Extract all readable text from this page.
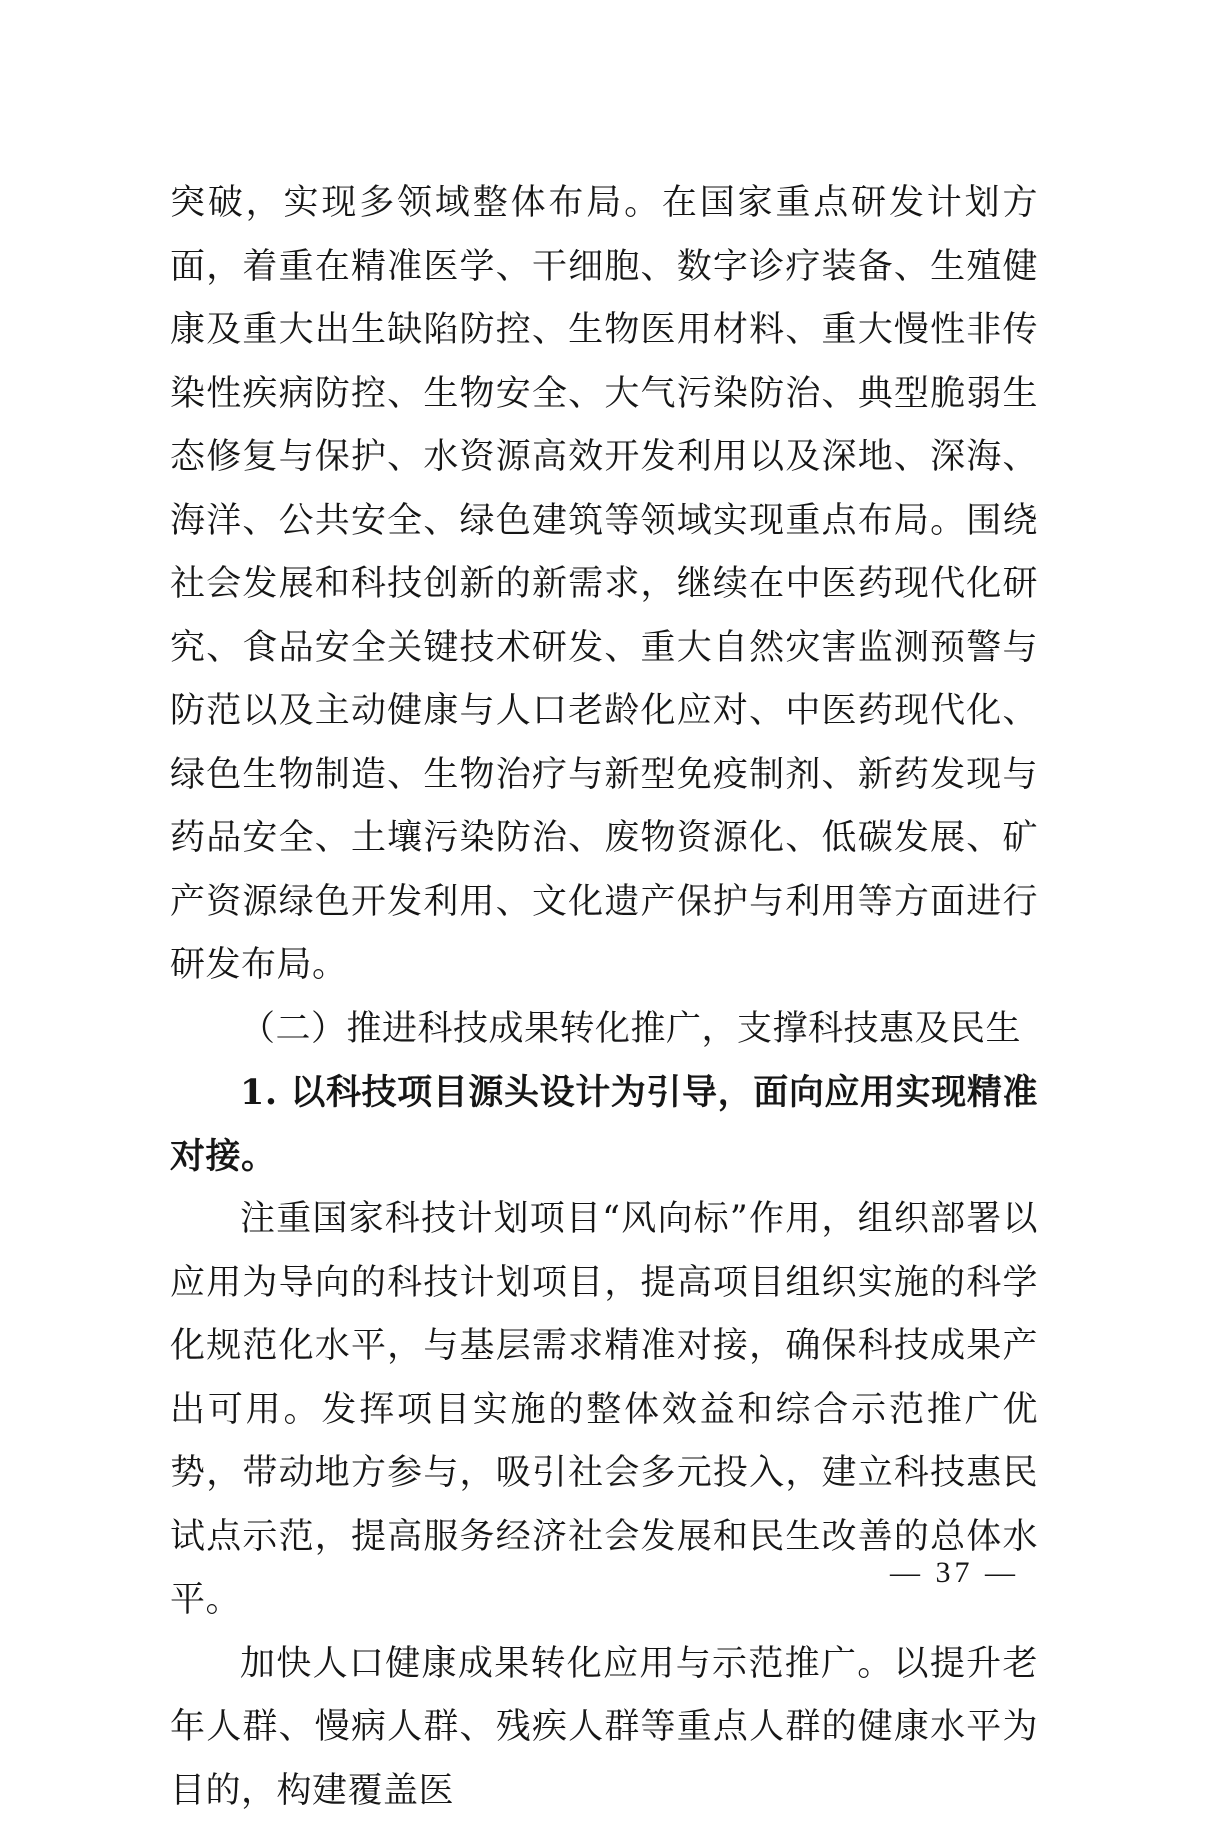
突破，实现多领域整体布局。在国家重点研发计划方面，着重在精准医学、干细胞、数字诊疗装备、生殖健康及重大出生缺陷防控、生物医用材料、重大慢性非传染性疾病防控、生物安全、大气污染防治、典型脆弱生态修复与保护、水资源高效开发利用以及深地、深海、海洋、公共安全、绿色建筑等领域实现重点布局。围绕社会发展和科技创新的新需求，继续在中医药现代化研究、食品安全关键技术研发、重大自然灾害监测预警与防范以及主动健康与人口老龄化应对、中医药现代化、绿色生物制造、生物治疗与新型免疫制剂、新药发现与药品安全、土壤污染防治、废物资源化、低碳发展、矿产资源绿色开发利用、文化遗产保护与利用等方面进行研发布局。

（二）推进科技成果转化推广，支撑科技惠及民生

1. 以科技项目源头设计为引导，面向应用实现精准对接。

注重国家科技计划项目“风向标”作用，组织部署以应用为导向的科技计划项目，提高项目组织实施的科学化规范化水平，与基层需求精准对接，确保科技成果产出可用。发挥项目实施的整体效益和综合示范推广优势，带动地方参与，吸引社会多元投入，建立科技惠民试点示范，提高服务经济社会发展和民生改善的总体水平。

加快人口健康成果转化应用与示范推广。以提升老年人群、慢病人群、残疾人群等重点人群的健康水平为目的，构建覆盖医

— 37 —
